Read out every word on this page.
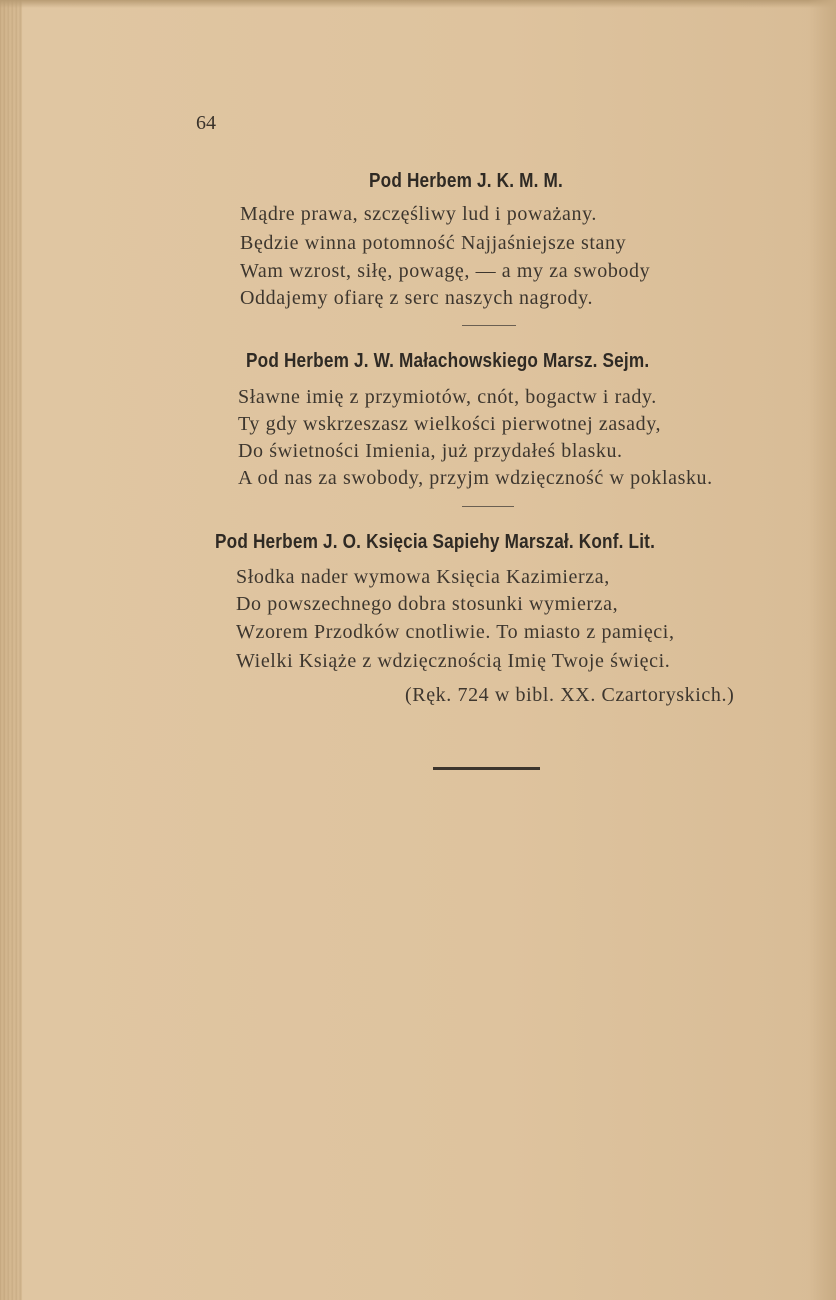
64
Pod Herbem J. K. M. M.
Mądre prawa, szczęśliwy lud i poważany.
Będzie winna potomność Najjaśniejsze stany
Wam wzrost, siłę, powagę, — a my za swobody
Oddajemy ofiarę z serc naszych nagrody.
Pod Herbem J. W. Małachowskiego Marsz. Sejm.
Sławne imię z przymiotów, cnót, bogactw i rady.
Ty gdy wskrzeszasz wielkości pierwotnej zasady,
Do świetności Imienia, już przydałeś blasku.
A od nas za swobody, przyjm wdzięczność w poklasku.
Pod Herbem J. O. Księcia Sapiehy Marszał. Konf. Lit.
Słodka nader wymowa Księcia Kazimierza,
Do powszechnego dobra stosunki wymierza,
Wzorem Przodków cnotliwie. To miasto z pamięci,
Wielki Książe z wdzięcznością Imię Twoje święci.
(Ręk. 724 w bibl. XX. Czartoryskich.)
